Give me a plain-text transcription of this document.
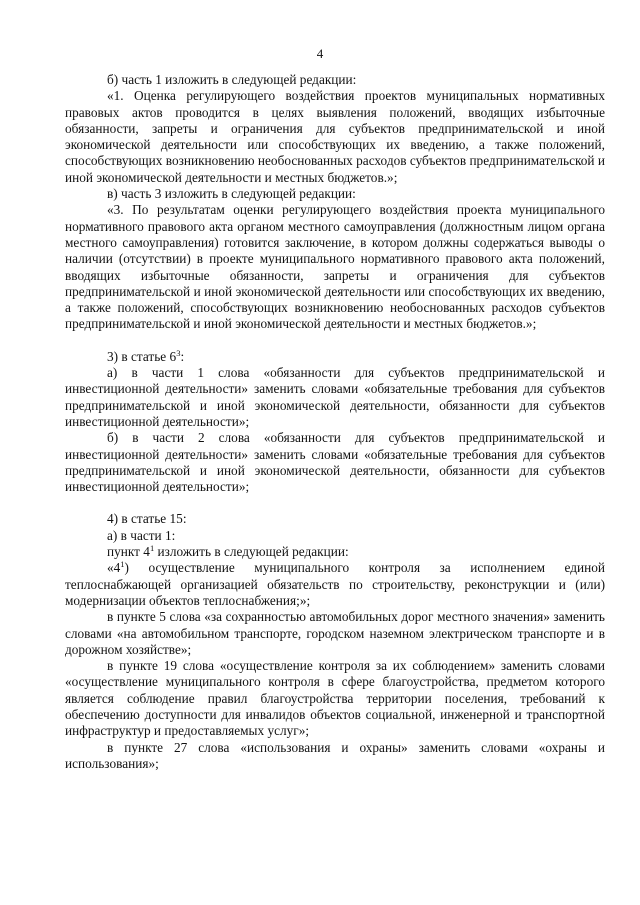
4

б) часть 1 изложить в следующей редакции:

«1. Оценка регулирующего воздействия проектов муниципальных нормативных правовых актов проводится в целях выявления положений, вводящих избыточные обязанности, запреты и ограничения для субъектов предпринимательской и иной экономической деятельности или способствующих их введению, а также положений, способствующих возникновению необоснованных расходов субъектов предпринимательской и иной экономической деятельности и местных бюджетов.»;

в) часть 3 изложить в следующей редакции:

«3. По результатам оценки регулирующего воздействия проекта муниципального нормативного правового акта органом местного самоуправления (должностным лицом органа местного самоуправления) готовится заключение, в котором должны содержаться выводы о наличии (отсутствии) в проекте муниципального нормативного правового акта положений, вводящих избыточные обязанности, запреты и ограничения для субъектов предпринимательской и иной экономической деятельности или способствующих их введению, а также положений, способствующих возникновению необоснованных расходов субъектов предпринимательской и иной экономической деятельности и местных бюджетов.»;

3) в статье $6^3$:

а) в части 1 слова «обязанности для субъектов предпринимательской и инвестиционной деятельности» заменить словами «обязательные требования для субъектов предпринимательской и иной экономической деятельности, обязанности для субъектов инвестиционной деятельности»;

б) в части 2 слова «обязанности для субъектов предпринимательской и инвестиционной деятельности» заменить словами «обязательные требования для субъектов предпринимательской и иной экономической деятельности, обязанности для субъектов инвестиционной деятельности»;

4) в статье 15:

а) в части 1:

пункт $4^1$ изложить в следующей редакции:

«$4^1$) осуществление муниципального контроля за исполнением единой теплоснабжающей организацией обязательств по строительству, реконструкции и (или) модернизации объектов теплоснабжения;»;

в пункте 5 слова «за сохранностью автомобильных дорог местного значения» заменить словами «на автомобильном транспорте, городском наземном электрическом транспорте и в дорожном хозяйстве»;

в пункте 19 слова «осуществление контроля за их соблюдением» заменить словами «осуществление муниципального контроля в сфере благоустройства, предметом которого является соблюдение правил благоустройства территории поселения, требований к обеспечению доступности для инвалидов объектов социальной, инженерной и транспортной инфраструктур и предоставляемых услуг»;

в пункте 27 слова «использования и охраны» заменить словами «охраны и использования»;
